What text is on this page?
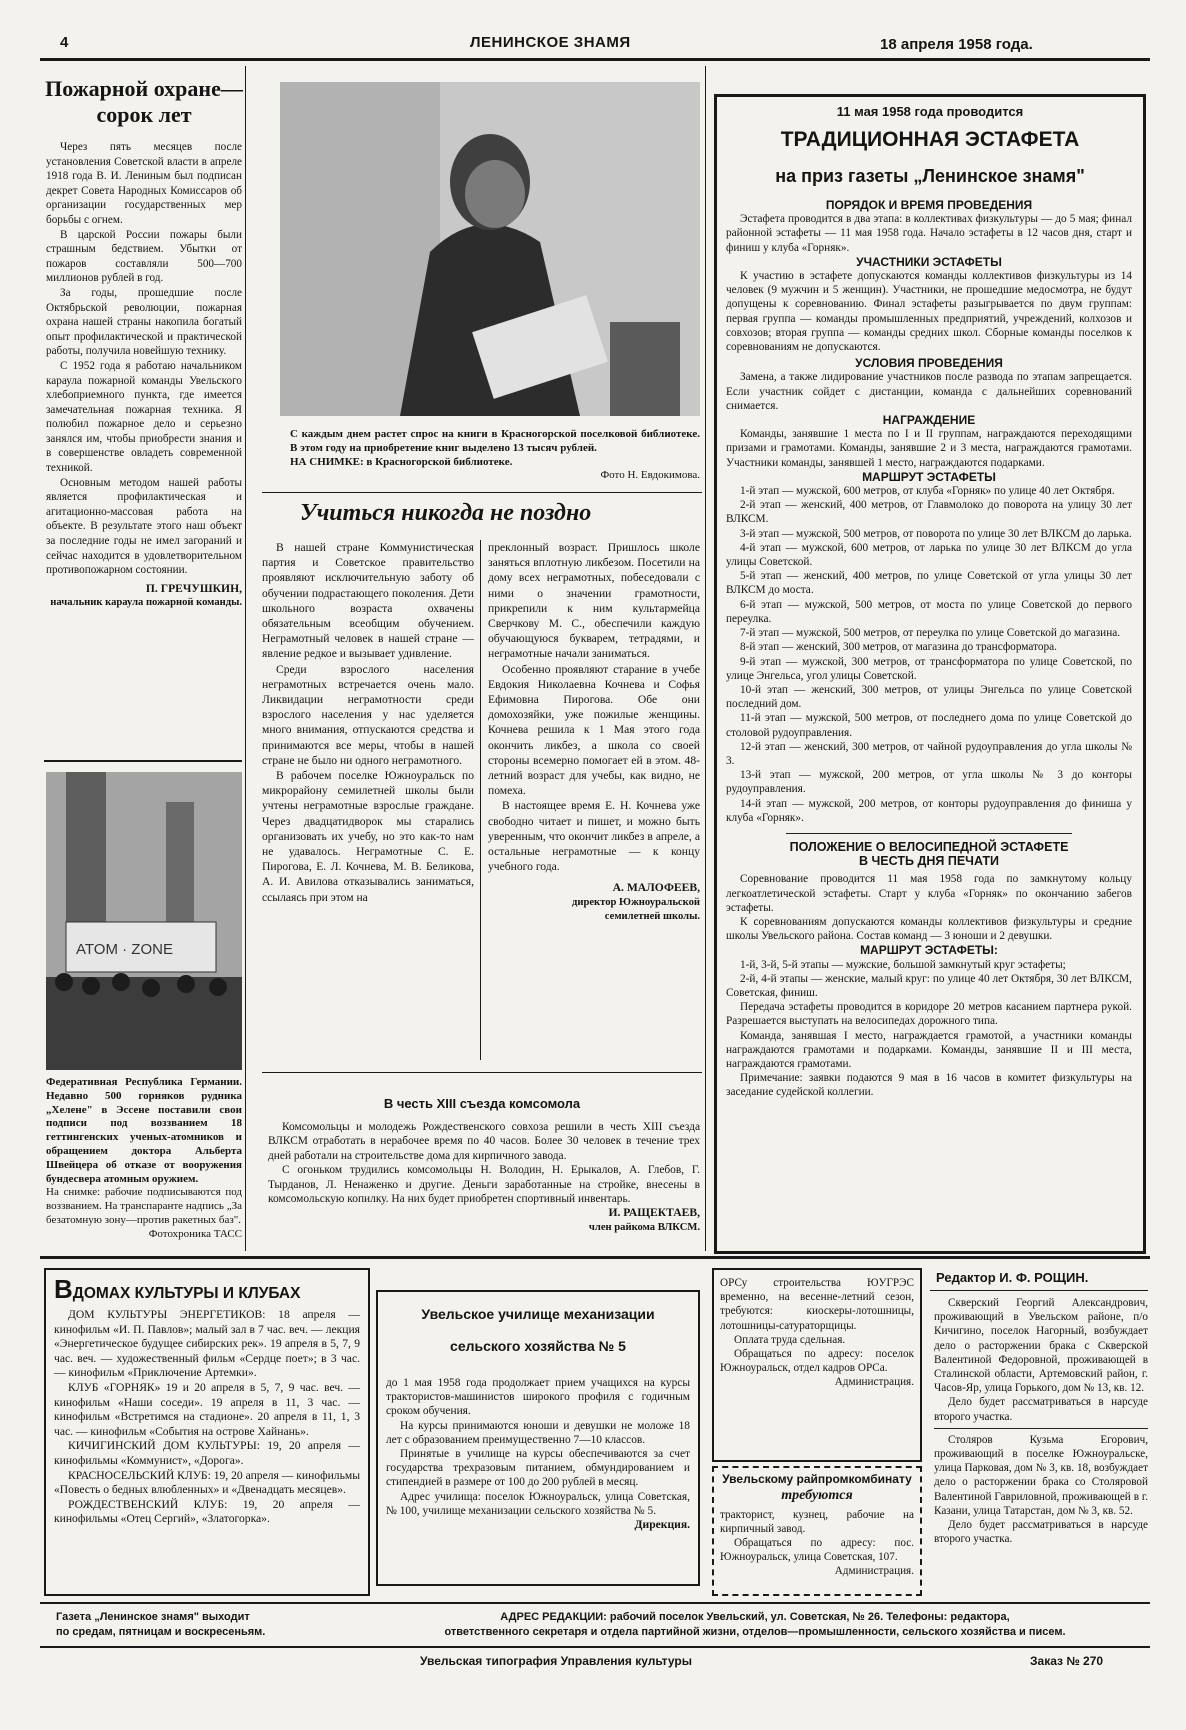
4	ЛЕНИНСКОЕ ЗНАМЯ	18 апреля 1958 года.
Пожарной охране—
сорок лет

Через пять месяцев после установления Советской власти в апреле 1918 года В. И. Лениным был подписан декрет Совета Народных Комиссаров об организации государственных мер борьбы с огнем.

В царской России пожары были страшным бедствием. Убытки от пожаров составляли 500—700 миллионов рублей в год.

За годы, прошедшие после Октябрьской революции, пожарная охрана нашей страны накопила богатый опыт профилактической и практической работы, получила новейшую технику.

С 1952 года я работаю начальником караула пожарной команды Увельского хлебоприемного пункта, где имеется замечательная пожарная техника. Я полюбил пожарное дело и серьезно занялся им, чтобы приобрести знания и в совершенстве овладеть современной техникой.

Основным методом нашей работы является профилактическая и агитационно-массовая работа на объекте. В результате этого наш объект за последние годы не имел загораний и сейчас находится в удовлетворительном противопожарном состоянии.

П. ГРЕЧУШКИН,
начальник караула пожарной команды.
ATOM · ZONE
Федеративная Республика Германии. Недавно 500 горняков рудника „Хелене" в Эссене поставили свои подписи под воззванием 18 геттингенских ученых-атомников и обращением доктора Альберта Швейцера об отказе от вооружения бундесвера атомным оружием.
На снимке: рабочие подписываются под воззванием. На транспаранте надпись „За безатомную зону—против ракетных баз".
Фотохроника ТАСС
С каждым днем растет спрос на книги в Красногорской поселковой библиотеке. В этом году на приобретение книг выделено 13 тысяч рублей.
НА СНИМКЕ: в Красногорской библиотеке.
Фото Н. Евдокимова.
Учиться никогда не поздно

В нашей стране Коммунистическая партия и Советское правительство проявляют исключительную заботу об обучении подрастающего поколения. Дети школьного возраста охвачены обязательным всеобщим обучением. Неграмотный человек в нашей стране — явление редкое и вызывает удивление.

Среди взрослого населения неграмотных встречается очень мало. Ликвидации неграмотности среди взрослого населения у нас уделяется много внимания, отпускаются средства и принимаются все меры, чтобы в нашей стране не было ни одного неграмотного.

В рабочем поселке Южноуральск по микрорайону семилетней школы были учтены неграмотные взрослые граждане. Через двадцатидворок мы старались организовать их учебу, но это как-то нам не удавалось. Неграмотные С. Е. Пирогова, Е. Л. Кочнева, М. В. Беликова, А. И. Авилова отказывались заниматься, ссылаясь при этом на

преклонный возраст. Пришлось школе заняться вплотную ликбезом. Посетили на дому всех неграмотных, побеседовали с ними о значении грамотности, прикрепили к ним культармейца Сверчкову М. С., обеспечили каждую обучающуюся букварем, тетрадями, и неграмотные начали заниматься.

Особенно проявляют старание в учебе Евдокия Николаевна Кочнева и Софья Ефимовна Пирогова. Обе они домохозяйки, уже пожилые женщины. Кочнева решила к 1 Мая этого года окончить ликбез, а школа со своей стороны всемерно помогает ей в этом. 48-летний возраст для учебы, как видно, не помеха.

В настоящее время Е. Н. Кочнева уже свободно читает и пишет, и можно быть уверенным, что окончит ликбез в апреле, а остальные неграмотные — к концу учебного года.

А. МАЛОФЕЕВ,
директор Южноуральской
семилетней школы.
В честь XIII съезда комсомола

Комсомольцы и молодежь Рождественского совхоза решили в честь XIII съезда ВЛКСМ отработать в нерабочее время по 40 часов. Более 30 человек в течение трех дней работали на строительстве дома для кирпичного завода.

С огоньком трудились комсомольцы Н. Володин, Н. Ерыкалов, А. Глебов, Г. Тырданов, Л. Ненаженко и другие. Деньги заработанные на стройке, внесены в комсомольскую копилку. На них будет приобретен спортивный инвентарь.

И. РАЩЕКТАЕВ,
член райкома ВЛКСМ.
11 мая 1958 года проводится
ТРАДИЦИОННАЯ ЭСТАФЕТА
на приз газеты „Ленинское знамя"
ПОРЯДОК И ВРЕМЯ ПРОВЕДЕНИЯ

Эстафета проводится в два этапа: в коллективах физкультуры — до 5 мая; финал районной эстафеты — 11 мая 1958 года. Начало эстафеты в 12 часов дня, старт и финиш у клуба «Горняк».

УЧАСТНИКИ ЭСТАФЕТЫ

К участию в эстафете допускаются команды коллективов физкультуры из 14 человек (9 мужчин и 5 женщин). Участники, не прошедшие медосмотра, не будут допущены к соревнованию. Финал эстафеты разыгрывается по двум группам: первая группа — команды промышленных предприятий, учреждений, колхозов и совхозов; вторая группа — команды средних школ. Сборные команды поселков к соревнованиям не допускаются.

УСЛОВИЯ ПРОВЕДЕНИЯ

Замена, а также лидирование участников после развода по этапам запрещается. Если участник сойдет с дистанции, команда с дальнейших соревнований снимается.

НАГРАЖДЕНИЕ

Команды, занявшие 1 места по I и II группам, награждаются переходящими призами и грамотами. Команды, занявшие 2 и 3 места, награждаются грамотами. Участники команды, занявшей 1 место, награждаются подарками.

МАРШРУТ ЭСТАФЕТЫ

1-й этап — мужской, 600 метров, от клуба «Горняк» по улице 40 лет Октября.

2-й этап — женский, 400 метров, от Главмолоко до поворота на улицу 30 лет ВЛКСМ.

3-й этап — мужской, 500 метров, от поворота по улице 30 лет ВЛКСМ до ларька.

4-й этап — мужской, 600 метров, от ларька по улице 30 лет ВЛКСМ до угла улицы Советской.

5-й этап — женский, 400 метров, по улице Советской от угла улицы 30 лет ВЛКСМ до моста.

6-й этап — мужской, 500 метров, от моста по улице Советской до первого переулка.

7-й этап — мужской, 500 метров, от переулка по улице Советской до магазина.

8-й этап — женский, 300 метров, от магазина до трансформатора.

9-й этап — мужской, 300 метров, от трансформатора по улице Советской, по улице Энгельса, угол улицы Советской.

10-й этап — женский, 300 метров, от улицы Энгельса по улице Советской последний дом.

11-й этап — мужской, 500 метров, от последнего дома по улице Советской до столовой рудоуправления.

12-й этап — женский, 300 метров, от чайной рудоуправления до угла школы № 3.

13-й этап — мужской, 200 метров, от угла школы № 3 до конторы рудоуправления.

14-й этап — мужской, 200 метров, от конторы рудоуправления до финиша у клуба «Горняк».

ПОЛОЖЕНИЕ О ВЕЛОСИПЕДНОЙ ЭСТАФЕТЕ
В ЧЕСТЬ ДНЯ ПЕЧАТИ

Соревнование проводится 11 мая 1958 года по замкнутому кольцу легкоатлетической эстафеты. Старт у клуба «Горняк» по окончанию забегов эстафеты.

К соревнованиям допускаются команды коллективов физкультуры и средние школы Увельского района. Состав команд — 3 юноши и 2 девушки.

МАРШРУТ ЭСТАФЕТЫ:

1-й, 3-й, 5-й этапы — мужские, большой замкнутый круг эстафеты;

2-й, 4-й этапы — женские, малый круг: по улице 40 лет Октября, 30 лет ВЛКСМ, Советская, финиш.

Передача эстафеты проводится в коридоре 20 метров касанием партнера рукой. Разрешается выступать на велосипедах дорожного типа.

Команда, занявшая I место, награждается грамотой, а участники команды награждаются грамотами и подарками. Команды, занявшие II и III места, награждаются грамотами.

Примечание: заявки подаются 9 мая в 16 часов в комитет физкультуры на заседание судейской коллегии.

ВДОМАХ КУЛЬТУРЫ И КЛУБАХ

ДОМ КУЛЬТУРЫ ЭНЕРГЕТИКОВ: 18 апреля — кинофильм «И. П. Павлов»; малый зал в 7 час. веч. — лекция «Энергетическое будущее сибирских рек». 19 апреля в 5, 7, 9 час. веч. — художественный фильм «Сердце поет»; в 3 час. — кинофильм «Приключение Артемки».

КЛУБ «ГОРНЯК» 19 и 20 апреля в 5, 7, 9 час. веч. — кинофильм «Наши соседи». 19 апреля в 11, 3 час. — кинофильм «Встретимся на стадионе». 20 апреля в 11, 1, 3 час. — кинофильм «События на острове Хайнань».

КИЧИГИНСКИЙ ДОМ КУЛЬТУРЫ: 19, 20 апреля — кинофильмы «Коммунист», «Дорога».

КРАСНОСЕЛЬСКИЙ КЛУБ: 19, 20 апреля — кинофильмы «Повесть о бедных влюбленных» и «Двенадцать месяцев».

РОЖДЕСТВЕНСКИЙ КЛУБ: 19, 20 апреля — кинофильмы «Отец Сергий», «Златогорка».

Увельское училище механизации
сельского хозяйства № 5

до 1 мая 1958 года продолжает прием учащихся на курсы трактористов-машинистов широкого профиля с годичным сроком обучения.

На курсы принимаются юноши и девушки не моложе 18 лет с образованием преимущественно 7—10 классов.

Принятые в училище на курсы обеспечиваются за счет государства трехразовым питанием, обмундированием и стипендией в размере от 100 до 200 рублей в месяц.

Адрес училища: поселок Южноуральск, улица Советская, № 100, училище механизации сельского хозяйства № 5.

Дирекция.

ОРСу строительства ЮУГРЭС временно, на весенне-летний сезон, требуются: киоскеры-лотошницы, лотошницы-сатураторщицы.

Оплата труда сдельная.

Обращаться по адресу: поселок Южноуральск, отдел кадров ОРСа.

Администрация.
Увельскому райпромкомбинату
требуются

тракторист, кузнец, рабочие на кирпичный завод.

Обращаться по адресу: пос. Южноуральск, улица Советская, 107.

Администрация.
Редактор И. Ф. РОЩИН.

Скверский Георгий Александрович, проживающий в Увельском районе, п/о Кичигино, поселок Нагорный, возбуждает дело о расторжении брака с Скверской Валентиной Федоровной, проживающей в Сталинской области, Артемовский район, г. Часов-Яр, улица Горького, дом № 13, кв. 12.

Дело будет рассматриваться в нарсуде второго участка.

Столяров Кузьма Егорович, проживающий в поселке Южноуральске, улица Парковая, дом № 3, кв. 18, возбуждает дело о расторжении брака со Столяровой Валентиной Гавриловной, проживающей в г. Казани, улица Татарстан, дом № 3, кв. 52.

Дело будет рассматриваться в нарсуде второго участка.

Газета „Ленинское знамя" выходит
по средам, пятницам и воскресеньям.
АДРЕС РЕДАКЦИИ: рабочий поселок Увельский, ул. Советская, № 26. Телефоны: редактора,
ответственного секретаря и отдела партийной жизни, отделов—промышленности, сельского хозяйства и писем.
Увельская типография Управления культуры	Заказ № 270
